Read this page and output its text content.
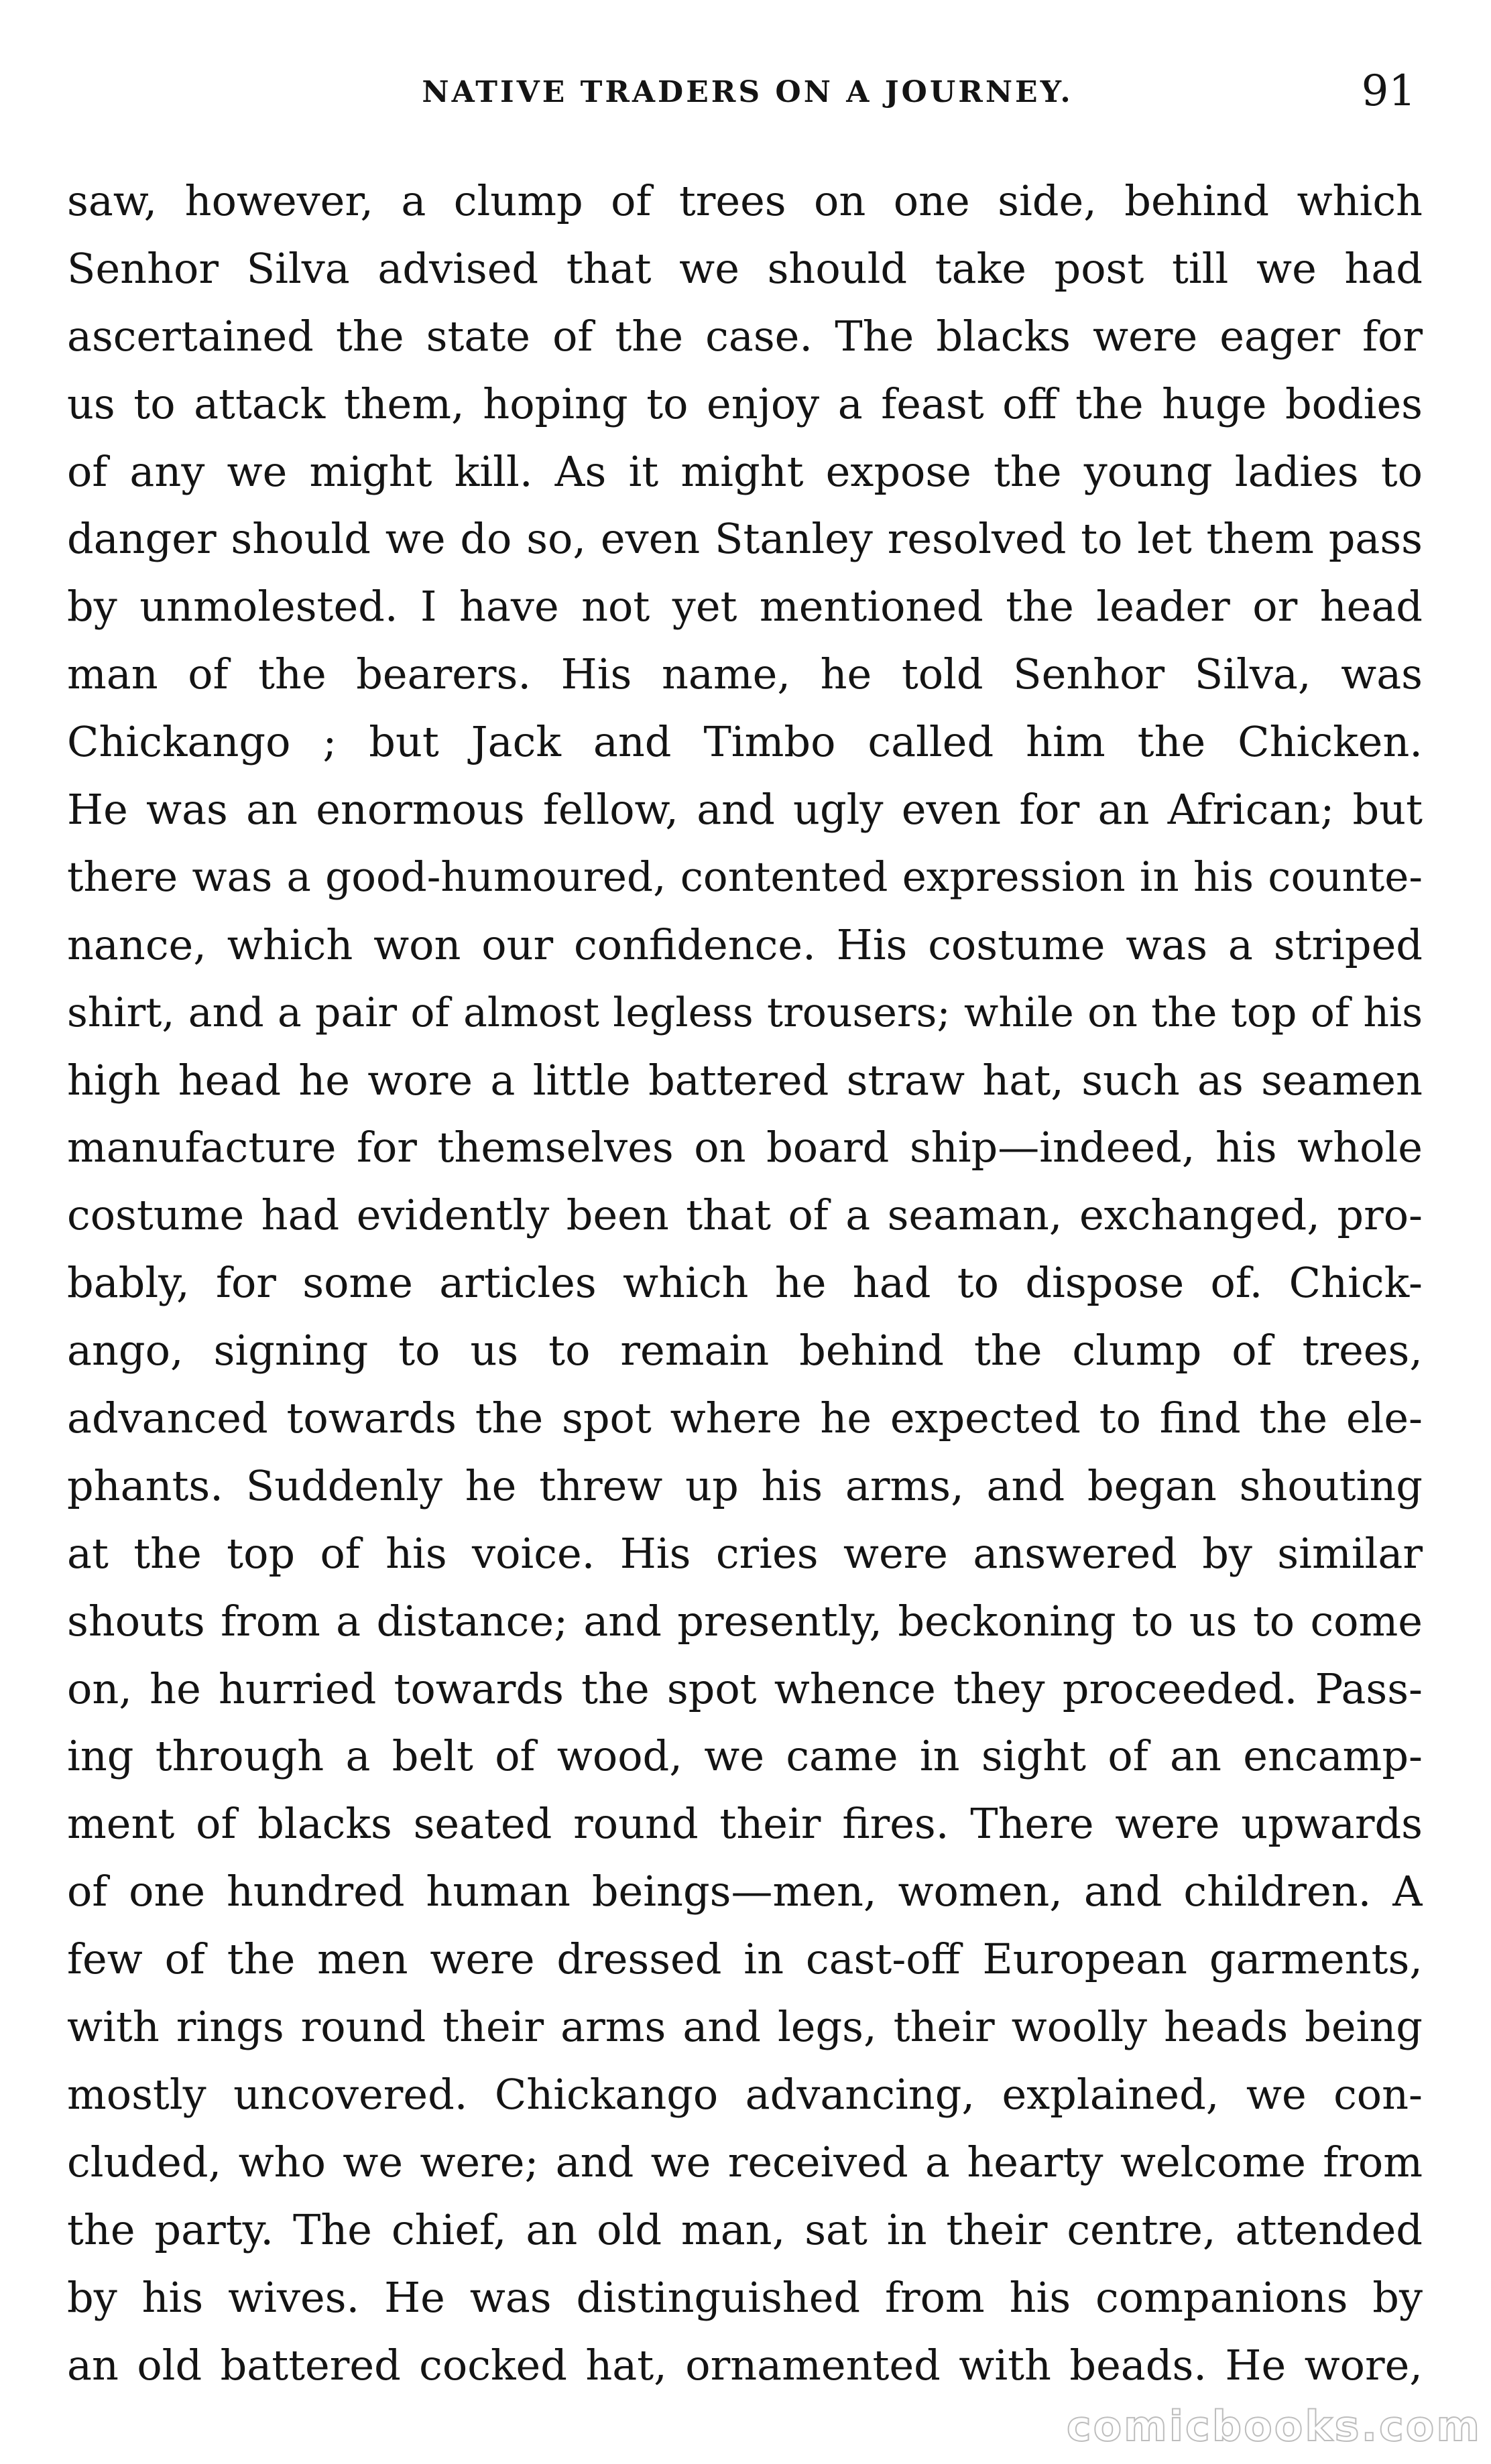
NATIVE TRADERS ON A JOURNEY.	91
saw, however, a clump of trees on one side, behind which
Senhor Silva advised that we should take post till we had
ascertained the state of the case. The blacks were eager for
us to attack them, hoping to enjoy a feast off the huge bodies
of any we might kill. As it might expose the young ladies to
danger should we do so, even Stanley resolved to let them pass
by unmolested. I have not yet mentioned the leader or head
man of the bearers. His name, he told Senhor Silva, was
Chickango ; but Jack and Timbo called him the Chicken.
He was an enormous fellow, and ugly even for an African; but
there was a good-humoured, contented expression in his counte-
nance, which won our confidence. His costume was a striped
shirt, and a pair of almost legless trousers; while on the top of his
high head he wore a little battered straw hat, such as seamen
manufacture for themselves on board ship—indeed, his whole
costume had evidently been that of a seaman, exchanged, pro-
bably, for some articles which he had to dispose of. Chick-
ango, signing to us to remain behind the clump of trees,
advanced towards the spot where he expected to find the ele-
phants. Suddenly he threw up his arms, and began shouting
at the top of his voice. His cries were answered by similar
shouts from a distance; and presently, beckoning to us to come
on, he hurried towards the spot whence they proceeded. Pass-
ing through a belt of wood, we came in sight of an encamp-
ment of blacks seated round their fires. There were upwards
of one hundred human beings—men, women, and children. A
few of the men were dressed in cast-off European garments,
with rings round their arms and legs, their woolly heads being
mostly uncovered. Chickango advancing, explained, we con-
cluded, who we were; and we received a hearty welcome from
the party. The chief, an old man, sat in their centre, attended
by his wives. He was distinguished from his companions by
an old battered cocked hat, ornamented with beads. He wore,
comicbooks.com
